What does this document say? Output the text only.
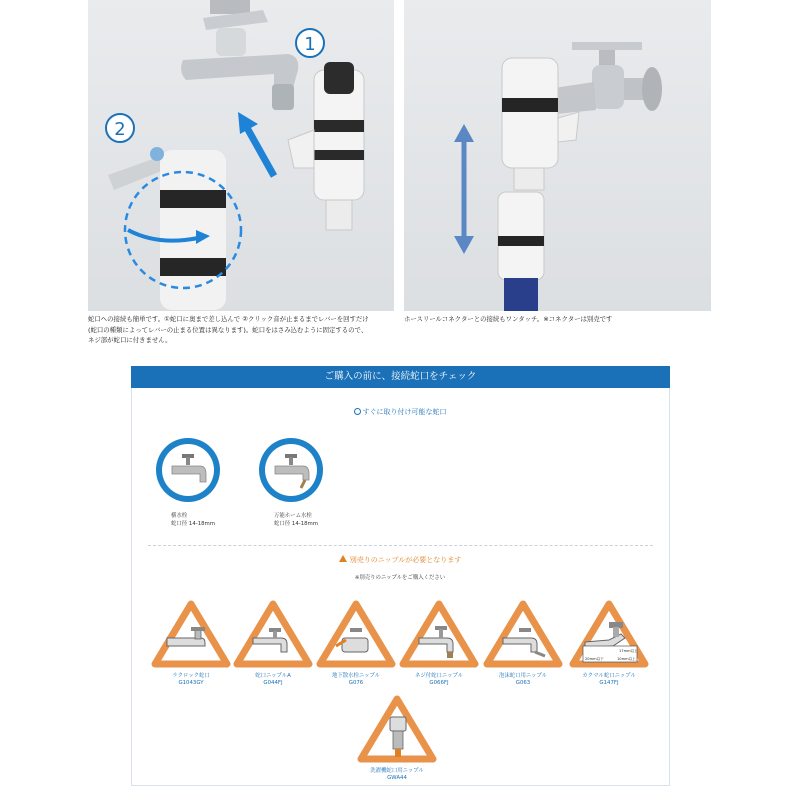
1
2
蛇口への接続も簡単です。①蛇口に奥まで差し込んで ②クリック音が止まるまでレバーを回すだけ
(蛇口の種類によってレバーの止まる位置は異なります)。蛇口をはさみ込むように固定するので、
ネジ部が蛇口に付きません。
ホースリールコネクターとの接続もワンタッチ。※コネクターは別売です
ご購入の前に、接続蛇口をチェック
すぐに取り付け可能な蛇口
横水栓
蛇口径 14-18mm
万能ホーム水栓
蛇口径 14-18mm
別売りのニップルが必要となります
※別売りのニップルをご購入ください
ラクロック蛇口
G1043GY
蛇口ニップルA
G044FJ
地下散水栓ニップル
G076
ネジ付蛇口ニップル
G066FJ
泡沫蛇口用ニップル
G063
17mm以上
20mm以下	10mm以上
カクマル蛇口ニップル
G147FJ
洗濯機蛇口用ニップル
GWA44
